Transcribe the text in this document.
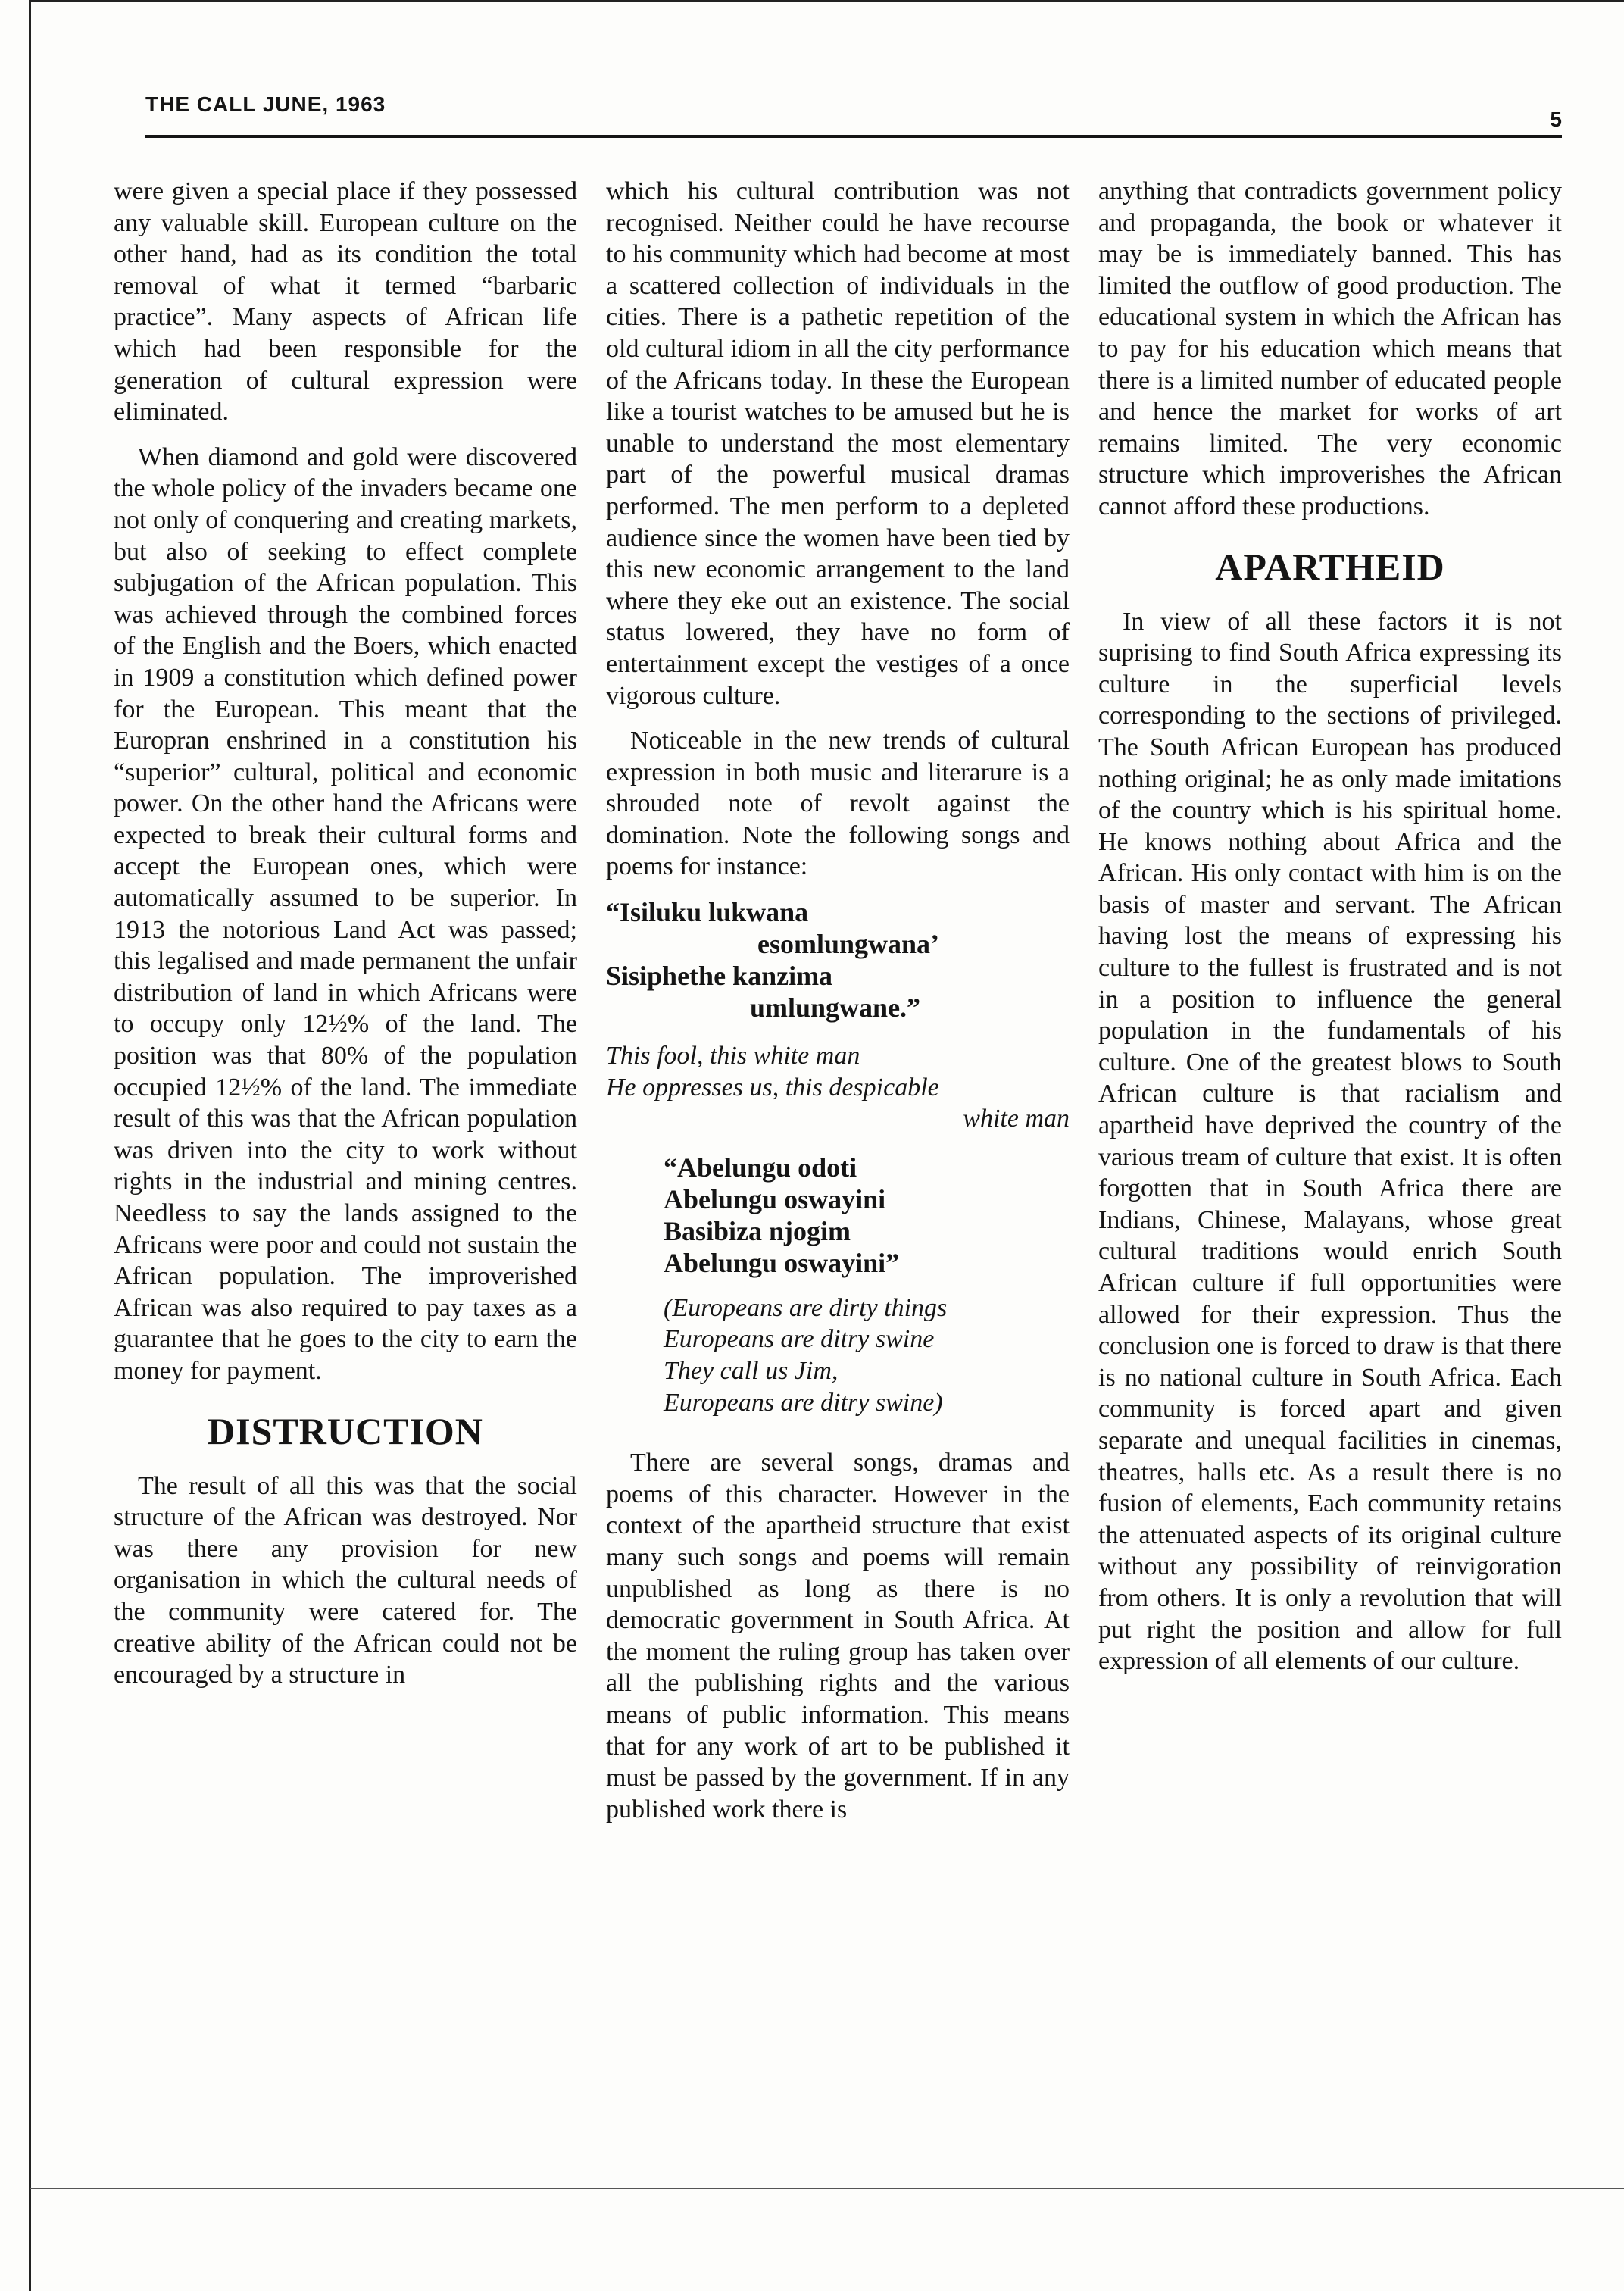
THE CALL JUNE, 1963
5

were given a special place if they possessed any valuable skill. European culture on the other hand, had as its condition the total removal of what it termed “barbaric practice”. Many aspects of African life which had been responsible for the generation of cultural expression were eliminated.

When diamond and gold were discovered the whole policy of the invaders became one not only of conquering and creating markets, but also of seeking to effect complete subjugation of the African population. This was achieved through the combined forces of the English and the Boers, which enacted in 1909 a constitution which defined power for the European. This meant that the Europran enshrined in a constitution his “superior” cultural, political and economic power. On the other hand the Africans were expected to break their cultural forms and accept the European ones, which were automatically assumed to be superior. In 1913 the notorious Land Act was passed; this legalised and made permanent the unfair distribution of land in which Africans were to occupy only 12½% of the land. The position was that 80% of the population occupied 12½% of the land. The immediate result of this was that the African population was driven into the city to work without rights in the industrial and mining centres. Needless to say the lands assigned to the Africans were poor and could not sustain the African population. The improverished African was also required to pay taxes as a guarantee that he goes to the city to earn the money for payment.

DISTRUCTION

The result of all this was that the social structure of the African was destroyed. Nor was there any provision for new organisation in which the cultural needs of the community were catered for. The creative ability of the African could not be encouraged by a structure in

which his cultural contribution was not recognised. Neither could he have recourse to his community which had become at most a scattered collection of individuals in the cities. There is a pathetic repetition of the old cultural idiom in all the city performance of the Africans today. In these the European like a tourist watches to be amused but he is unable to understand the most elementary part of the powerful musical dramas performed. The men perform to a depleted audience since the women have been tied by this new economic arrangement to the land where they eke out an existence. The social status lowered, they have no form of entertainment except the vestiges of a once vigorous culture.

Noticeable in the new trends of cultural expression in both music and literarure is a shrouded note of revolt against the domination. Note the following songs and poems for instance:

“Isiluku lukwana
esomlungwana’
Sisiphethe kanzima
umlungwane.”
This fool, this white man
He oppresses us, this despicable
white man
“Abelungu odoti
Abelungu oswayini
Basibiza njogim
Abelungu oswayini”
(Europeans are dirty things
Europeans are ditry swine
They call us Jim,
Europeans are ditry swine)

There are several songs, dramas and poems of this character. However in the context of the apartheid structure that exist many such songs and poems will remain unpublished as long as there is no democratic government in South Africa. At the moment the ruling group has taken over all the publishing rights and the various means of public information. This means that for any work of art to be published it must be passed by the government. If in any published work there is

anything that contradicts government policy and propaganda, the book or whatever it may be is immediately banned. This has limited the outflow of good production. The educational system in which the African has to pay for his education which means that there is a limited number of educated people and hence the market for works of art remains limited. The very economic structure which improverishes the African cannot afford these productions.

APARTHEID

In view of all these factors it is not suprising to find South Africa expressing its culture in the superficial levels corresponding to the sections of privileged. The South African European has produced nothing original; he as only made imitations of the country which is his spiritual home. He knows nothing about Africa and the African. His only contact with him is on the basis of master and servant. The African having lost the means of expressing his culture to the fullest is frustrated and is not in a position to influence the general population in the fundamentals of his culture. One of the greatest blows to South African culture is that racialism and apartheid have deprived the country of the various tream of culture that exist. It is often forgotten that in South Africa there are Indians, Chinese, Malayans, whose great cultural traditions would enrich South African culture if full opportunities were allowed for their expression. Thus the conclusion one is forced to draw is that there is no national culture in South Africa. Each community is forced apart and given separate and unequal facilities in cinemas, theatres, halls etc. As a result there is no fusion of elements, Each community retains the attenuated aspects of its original culture without any possibility of reinvigoration from others. It is only a revolution that will put right the position and allow for full expression of all elements of our culture.
